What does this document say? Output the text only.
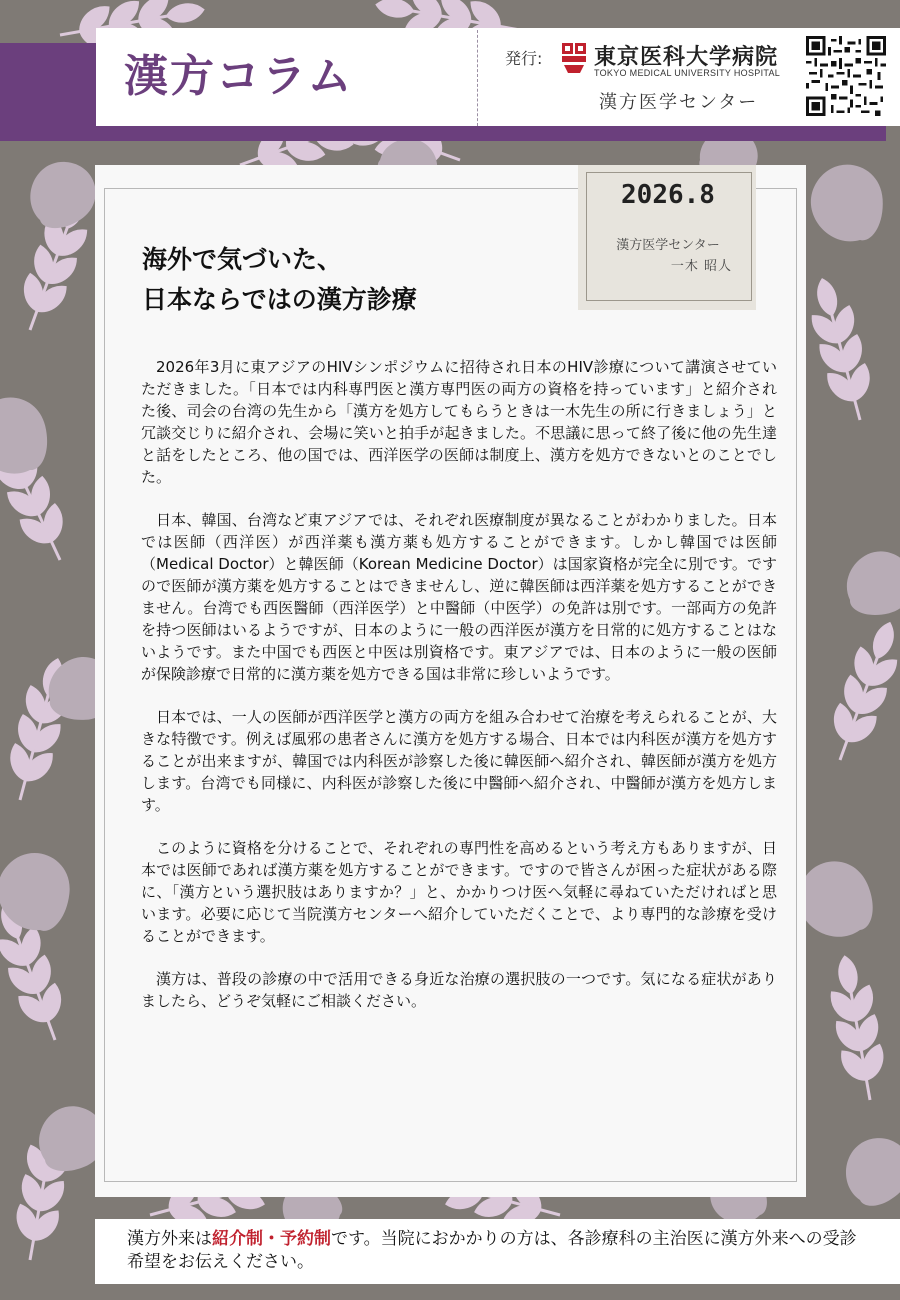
漢方コラム	発行: 東京医科大学病院
TOKYO MEDICAL UNIVERSITY HOSPITAL
漢方医学センター
2026.8
漢方医学センター
一木 昭人
海外で気づいた、
日本ならではの漢方診療

2026年3月に東アジアのHIVシンポジウムに招待され日本のHIV診療について講演させていただきました。「日本では内科専門医と漢方専門医の両方の資格を持っています」と紹介された後、司会の台湾の先生から「漢方を処方してもらうときは一木先生の所に行きましょう」と冗談交じりに紹介され、会場に笑いと拍手が起きました。不思議に思って終了後に他の先生達と話をしたところ、他の国では、西洋医学の医師は制度上、漢方を処方できないとのことでした。

日本、韓国、台湾など東アジアでは、それぞれ医療制度が異なることがわかりました。日本では医師（西洋医）が西洋薬も漢方薬も処方することができます。しかし韓国では医師（Medical Doctor）と韓医師（Korean Medicine Doctor）は国家資格が完全に別です。ですので医師が漢方薬を処方することはできませんし、逆に韓医師は西洋薬を処方することができません。台湾でも西医醫師（西洋医学）と中醫師（中医学）の免許は別です。一部両方の免許を持つ医師はいるようですが、日本のように一般の西洋医が漢方を日常的に処方することはないようです。また中国でも西医と中医は別資格です。東アジアでは、日本のように一般の医師が保険診療で日常的に漢方薬を処方できる国は非常に珍しいようです。

日本では、一人の医師が西洋医学と漢方の両方を組み合わせて治療を考えられることが、大きな特徴です。例えば風邪の患者さんに漢方を処方する場合、日本では内科医が漢方を処方することが出来ますが、韓国では内科医が診察した後に韓医師へ紹介され、韓医師が漢方を処方します。台湾でも同様に、内科医が診察した後に中醫師へ紹介され、中醫師が漢方を処方します。

このように資格を分けることで、それぞれの専門性を高めるという考え方もありますが、日本では医師であれば漢方薬を処方することができます。ですので皆さんが困った症状がある際に、「漢方という選択肢はありますか？」と、かかりつけ医へ気軽に尋ねていただければと思います。必要に応じて当院漢方センターへ紹介していただくことで、より専門的な診療を受けることができます。

漢方は、普段の診療の中で活用できる身近な治療の選択肢の一つです。気になる症状がありましたら、どうぞ気軽にご相談ください。

漢方外来は紹介制・予約制です。当院におかかりの方は、各診療科の主治医に漢方外来への受診希望をお伝えください。
